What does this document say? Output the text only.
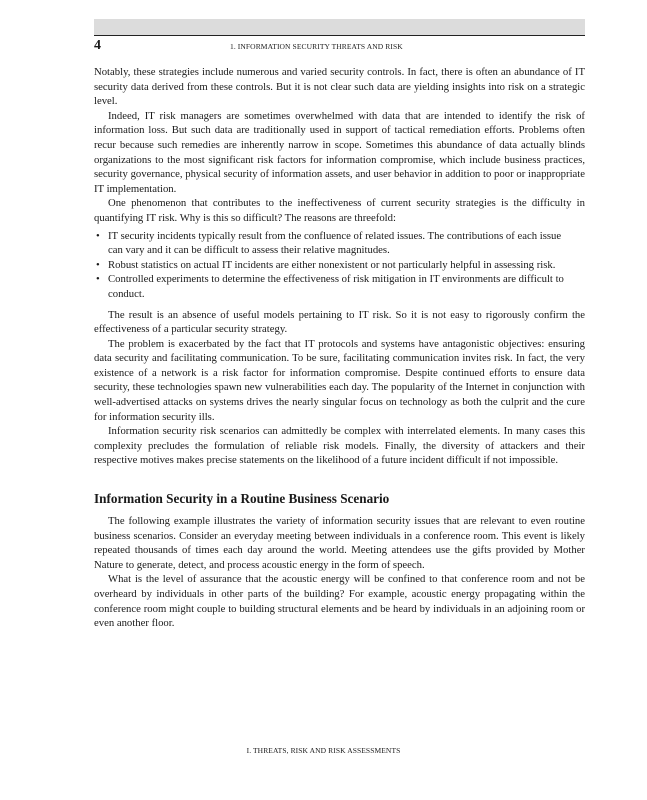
4	1. INFORMATION SECURITY THREATS AND RISK

Notably, these strategies include numerous and varied security controls. In fact, there is often an abundance of IT security data derived from these controls. But it is not clear such data are yielding insights into risk on a strategic level.

Indeed, IT risk managers are sometimes overwhelmed with data that are intended to identify the risk of information loss. But such data are traditionally used in support of tactical remediation efforts. Problems often recur because such remedies are inherently narrow in scope. Sometimes this abundance of data actually blinds organizations to the most significant risk factors for information compromise, which include business practices, security governance, physical security of information assets, and user behavior in addition to poor or inappropriate IT implementation.

One phenomenon that contributes to the ineffectiveness of current security strategies is the difficulty in quantifying IT risk. Why is this so difficult? The reasons are threefold:

• IT security incidents typically result from the confluence of related issues. The contributions of each issue can vary and it can be difficult to assess their relative magnitudes.
• Robust statistics on actual IT incidents are either nonexistent or not particularly helpful in assessing risk.
• Controlled experiments to determine the effectiveness of risk mitigation in IT environments are difficult to conduct.

The result is an absence of useful models pertaining to IT risk. So it is not easy to rigorously confirm the effectiveness of a particular security strategy.

The problem is exacerbated by the fact that IT protocols and systems have antagonistic objectives: ensuring data security and facilitating communication. To be sure, facilitating communication invites risk. In fact, the very existence of a network is a risk factor for information compromise. Despite continued efforts to ensure data security, these technologies spawn new vulnerabilities each day. The popularity of the Internet in conjunction with well-advertised attacks on systems drives the nearly singular focus on technology as both the culprit and the cure for information security ills.

Information security risk scenarios can admittedly be complex with interrelated elements. In many cases this complexity precludes the formulation of reliable risk models. Finally, the diversity of attackers and their respective motives makes precise statements on the likelihood of a future incident difficult if not impossible.

Information Security in a Routine Business Scenario

The following example illustrates the variety of information security issues that are relevant to even routine business scenarios. Consider an everyday meeting between individuals in a conference room. This event is likely repeated thousands of times each day around the world. Meeting attendees use the gifts provided by Mother Nature to generate, detect, and process acoustic energy in the form of speech.

What is the level of assurance that the acoustic energy will be confined to that conference room and not be overheard by individuals in other parts of the building? For example, acoustic energy propagating within the conference room might couple to building structural elements and be heard by individuals in an adjoining room or even another floor.

I. THREATS, RISK AND RISK ASSESSMENTS
